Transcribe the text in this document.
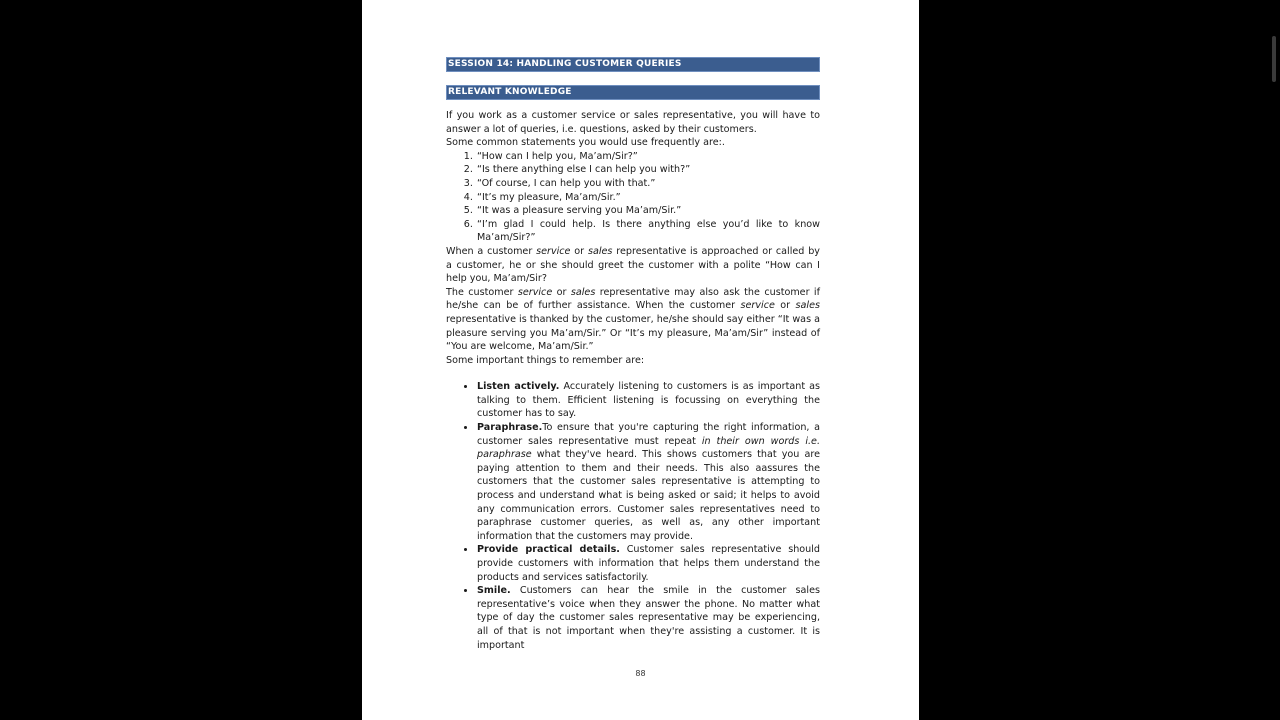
SESSION 14: HANDLING CUSTOMER QUERIES
RELEVANT KNOWLEDGE

If you work as a customer service or sales representative, you will have to answer a lot of queries, i.e. questions, asked by their customers.

Some common statements you would use frequently are:.

1. “How can I help you, Ma’am/Sir?”
2. “Is there anything else I can help you with?”
3. “Of course, I can help you with that.”
4. “It’s my pleasure, Ma’am/Sir.”
5. “It was a pleasure serving you Ma’am/Sir.”
6. “I’m glad I could help. Is there anything else you’d like to know Ma’am/Sir?”

When a customer service or sales representative is approached or called by a customer, he or she should greet the customer with a polite “How can I help you, Ma’am/Sir?

The customer service or sales representative may also ask the customer if he/she can be of further assistance. When the customer service or sales representative is thanked by the customer, he/she should say either “It was a pleasure serving you Ma’am/Sir.” Or “It’s my pleasure, Ma’am/Sir” instead of “You are welcome, Ma’am/Sir.”

Some important things to remember are:

• Listen actively. Accurately listening to customers is as important as talking to them. Efficient listening is focussing on everything the customer has to say.
• Paraphrase.To ensure that you're capturing the right information, a customer sales representative must repeat in their own words i.e. paraphrase what they've heard. This shows customers that you are paying attention to them and their needs. This also aassures the customers that the customer sales representative is attempting to process and understand what is being asked or said; it helps to avoid any communication errors. Customer sales representatives need to paraphrase customer queries, as well as, any other important information that the customers may provide.
• Provide practical details. Customer sales representative should provide customers with information that helps them understand the products and services satisfactorily.
• Smile. Customers can hear the smile in the customer sales representative’s voice when they answer the phone. No matter what type of day the customer sales representative may be experiencing, all of that is not important when they're assisting a customer. It is important
88
